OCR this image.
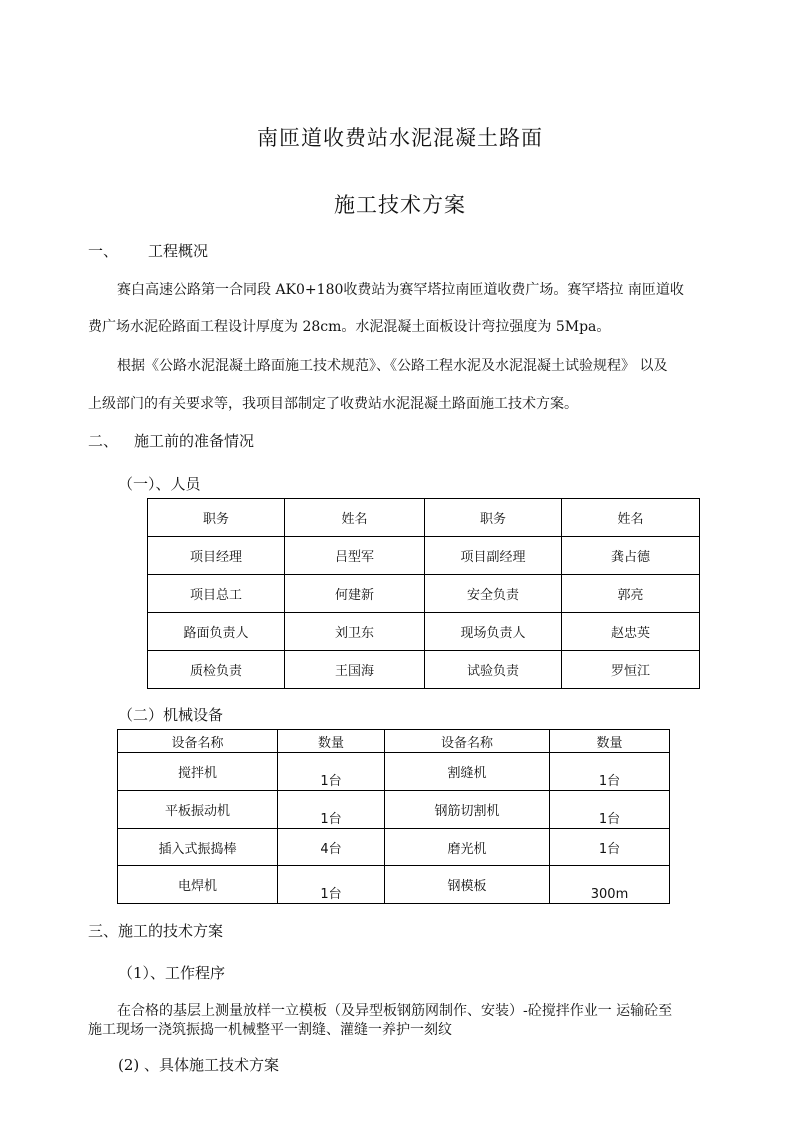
南匝道收费站水泥混凝土路面
施工技术方案
一、 工程概况
赛白高速公路第一合同段 AK0+180收费站为赛罕塔拉南匝道收费广场。赛罕塔拉 南匝道收
费广场水泥砼路面工程设计厚度为 28cm。水泥混凝土面板设计弯拉强度为 5Mpa。
根据《公路水泥混凝土路面施工技术规范》、《公路工程水泥及水泥混凝土试验规程》 以及
上级部门的有关要求等，我项目部制定了收费站水泥混凝土路面施工技术方案。
二、 施工前的准备情况
（一）、人员
职务	姓名	职务	姓名
项目经理	吕型军	项目副经理	龚占德
项目总工	何建新	安全负责	郭亮
路面负责人	刘卫东	现场负责人	赵忠英
质检负责	王国海	试验负责	罗恒江
（二）机械设备
设备名称	数量	设备名称	数量
搅拌机	1台	割缝机	1台
平板振动机	1台	钢筋切割机	1台
插入式振捣棒	4台	磨光机	1台
电焊机	1台	钢模板	300m
三、施工的技术方案
（1）、工作程序
在合格的基层上测量放样一立模板（及异型板钢筋网制作、安装）-砼搅拌作业一 运输砼至
施工现场一浇筑振捣一机械整平一割缝、灌缝一养护一刻纹
(2) 、具体施工技术方案
